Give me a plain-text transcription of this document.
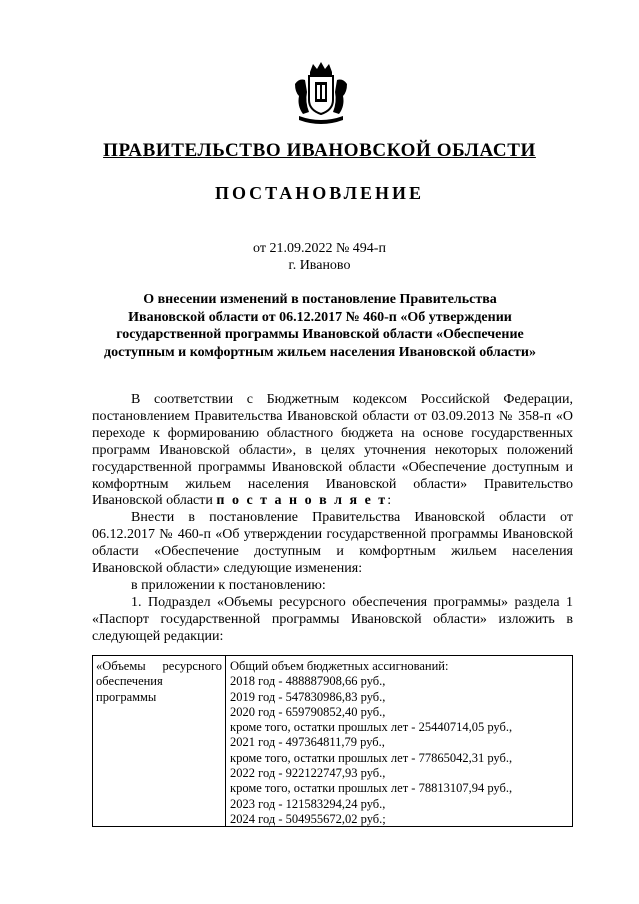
ПРАВИТЕЛЬСТВО ИВАНОВСКОЙ ОБЛАСТИ
ПОСТАНОВЛЕНИЕ
от 21.09.2022 № 494-п
г. Иваново
О внесении изменений в постановление Правительства
Ивановской области от 06.12.2017 № 460-п «Об утверждении
государственной программы Ивановской области «Обеспечение
доступным и комфортным жильем населения Ивановской области»

В соответствии с Бюджетным кодексом Российской Федерации, постановлением Правительства Ивановской области от 03.09.2013 № 358-п «О переходе к формированию областного бюджета на основе государственных программ Ивановской области», в целях уточнения некоторых положений государственной программы Ивановской области «Обеспечение доступным и комфортным жильем населения Ивановской области» Правительство Ивановской области п о с т а н о в л я е т:

Внести в постановление Правительства Ивановской области от 06.12.2017 № 460-п «Об утверждении государственной программы Ивановской области «Обеспечение доступным и комфортным жильем населения Ивановской области» следующие изменения:

в приложении к постановлению:

1. Подраздел «Объемы ресурсного обеспечения программы» раздела 1 «Паспорт государственной программы Ивановской области» изложить в следующей редакции:

«Объемы ресурсного обеспечения программы
Общий объем бюджетных ассигнований:
2018 год - 488887908,66 руб.,
2019 год - 547830986,83 руб.,
2020 год - 659790852,40 руб.,
кроме того, остатки прошлых лет - 25440714,05 руб.,
2021 год - 497364811,79 руб.,
кроме того, остатки прошлых лет - 77865042,31 руб.,
2022 год - 922122747,93 руб.,
кроме того, остатки прошлых лет - 78813107,94 руб.,
2023 год - 121583294,24 руб.,
2024 год - 504955672,02 руб.;
